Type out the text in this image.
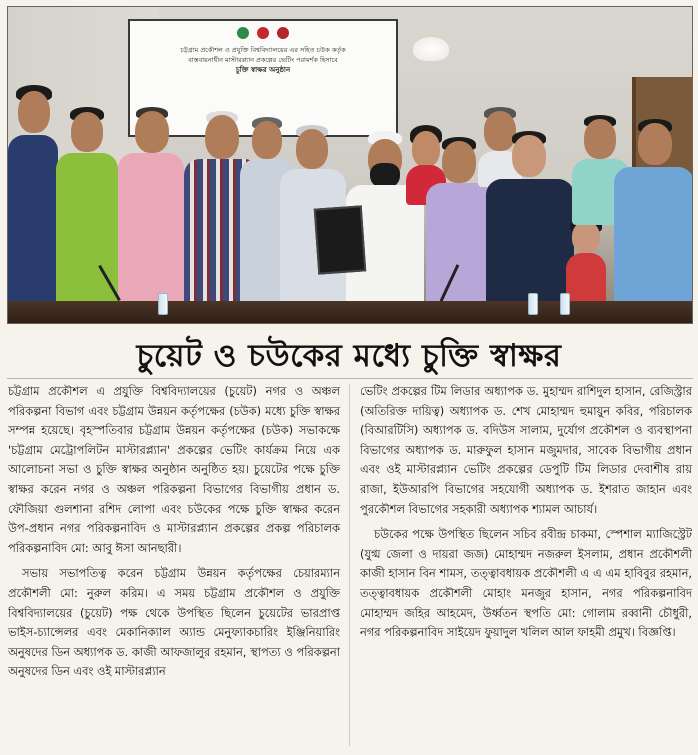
চট্টগ্রাম প্রকৌশল ও প্রযুক্তি বিশ্ববিদ্যালয়ের এর সহিত চউক কর্তৃক
বাস্তবায়নাধীন মাস্টারপ্ল্যান প্রকল্পের ভেটিং পরামর্শক হিসাবে
চুক্তি স্বাক্ষর অনুষ্ঠান
চুয়েট ও চউকের মধ্যে চুক্তি স্বাক্ষর

চট্টগ্রাম প্রকৌশল এ প্রযুক্তি বিশ্ববিদ্যালয়ের (চুয়েট) নগর ও অঞ্চল পরিকল্পনা বিভাগ এবং চট্টগ্রাম উন্নয়ন কর্তৃপক্ষের (চউক) মধ্যে চুক্তি স্বাক্ষর সম্পন্ন হয়েছে। বৃহস্পতিবার চট্টগ্রাম উন্নয়ন কর্তৃপক্ষের (চউক) সভাকক্ষে 'চট্টগ্রাম মেট্রোপলিটন মাস্টারপ্ল্যান' প্রকল্পের ভেটিং কার্যক্রম নিয়ে এক আলোচনা সভা ও চুক্তি স্বাক্ষর অনুষ্ঠান অনুষ্ঠিত হয়। চুয়েটের পক্ষে চুক্তি স্বাক্ষর করেন নগর ও অঞ্চল পরিকল্পনা বিভাগের বিভাগীয় প্রধান ড. ফৌজিয়া গুলশানা রশিদ লোপা এবং চউকের পক্ষে চুক্তি স্বাক্ষর করেন উপ-প্রধান নগর পরিকল্পনাবিদ ও মাস্টারপ্ল্যান প্রকল্পের প্রকল্প পরিচালক পরিকল্পনাবিদ মো: আবু ঈসা আনছারী।

সভায় সভাপতিত্ব করেন চট্টগ্রাম উন্নয়ন কর্তৃপক্ষের চেয়ারম্যান প্রকৌশলী মো: নুরুল করিম। এ সময় চট্টগ্রাম প্রকৌশল ও প্রযুক্তি বিশ্ববিদ্যালয়ের (চুয়েট) পক্ষ থেকে উপস্থিত ছিলেন চুয়েটের ভারপ্রাপ্ত ভাইস-চ্যান্সেলর এবং মেকানিক্যাল অ্যান্ড মেনুফ্যাকচারিং ইঞ্জিনিয়ারিং অনুষদের ডিন অধ্যাপক ড. কাজী আফজালুর রহমান, স্থাপত্য ও পরিকল্পনা অনুষদের ডিন এবং ওই মাস্টারপ্ল্যান

ভেটিং প্রকল্পের টিম লিডার অধ্যাপক ড. মুহাম্মদ রাশিদুল হাসান, রেজিস্ট্রার (অতিরিক্ত দায়িত্ব) অধ্যাপক ড. শেখ মোহাম্মদ হুমায়ুন কবির, পরিচালক (বিআরটিসি) অধ্যাপক ড. বদিউস সালাম, দুর্যোগ প্রকৌশল ও ব্যবস্থাপনা বিভাগের অধ্যাপক ড. মারুফুল হাসান মজুমদার, সাবেক বিভাগীয় প্রধান এবং ওই মাস্টারপ্ল্যান ভেটিং প্রকল্পের ডেপুটি টিম লিডার দেবাশীষ রায় রাজা, ইউআরপি বিভাগের সহযোগী অধ্যাপক ড. ইশরাত জাহান এবং পুরকৌশল বিভাগের সহকারী অধ্যাপক শ্যামল আচার্য।

চউকের পক্ষে উপস্থিত ছিলেন সচিব রবীন্দ্র চাকমা, স্পেশাল ম্যাজিস্ট্রেট (যুগ্ম জেলা ও দায়রা জজ) মোহাম্মদ নজরুল ইসলাম, প্রধান প্রকৌশলী কাজী হাসান বিন শামস, তত্ত্বাবধায়ক প্রকৌশলী এ এ এম হাবিবুর রহমান, তত্ত্বাবধায়ক প্রকৌশলী মোহাং মনজুর হাসান, নগর পরিকল্পনাবিদ মোহাম্মদ জহির আহমেদ, উর্ধ্বতন স্থপতি মো: গোলাম রব্বানী চৌধুরী, নগর পরিকল্পনাবিদ সাইয়েদ ফুয়াদুল খলিল আল ফাহমী প্রমুখ। বিজ্ঞপ্তি।
